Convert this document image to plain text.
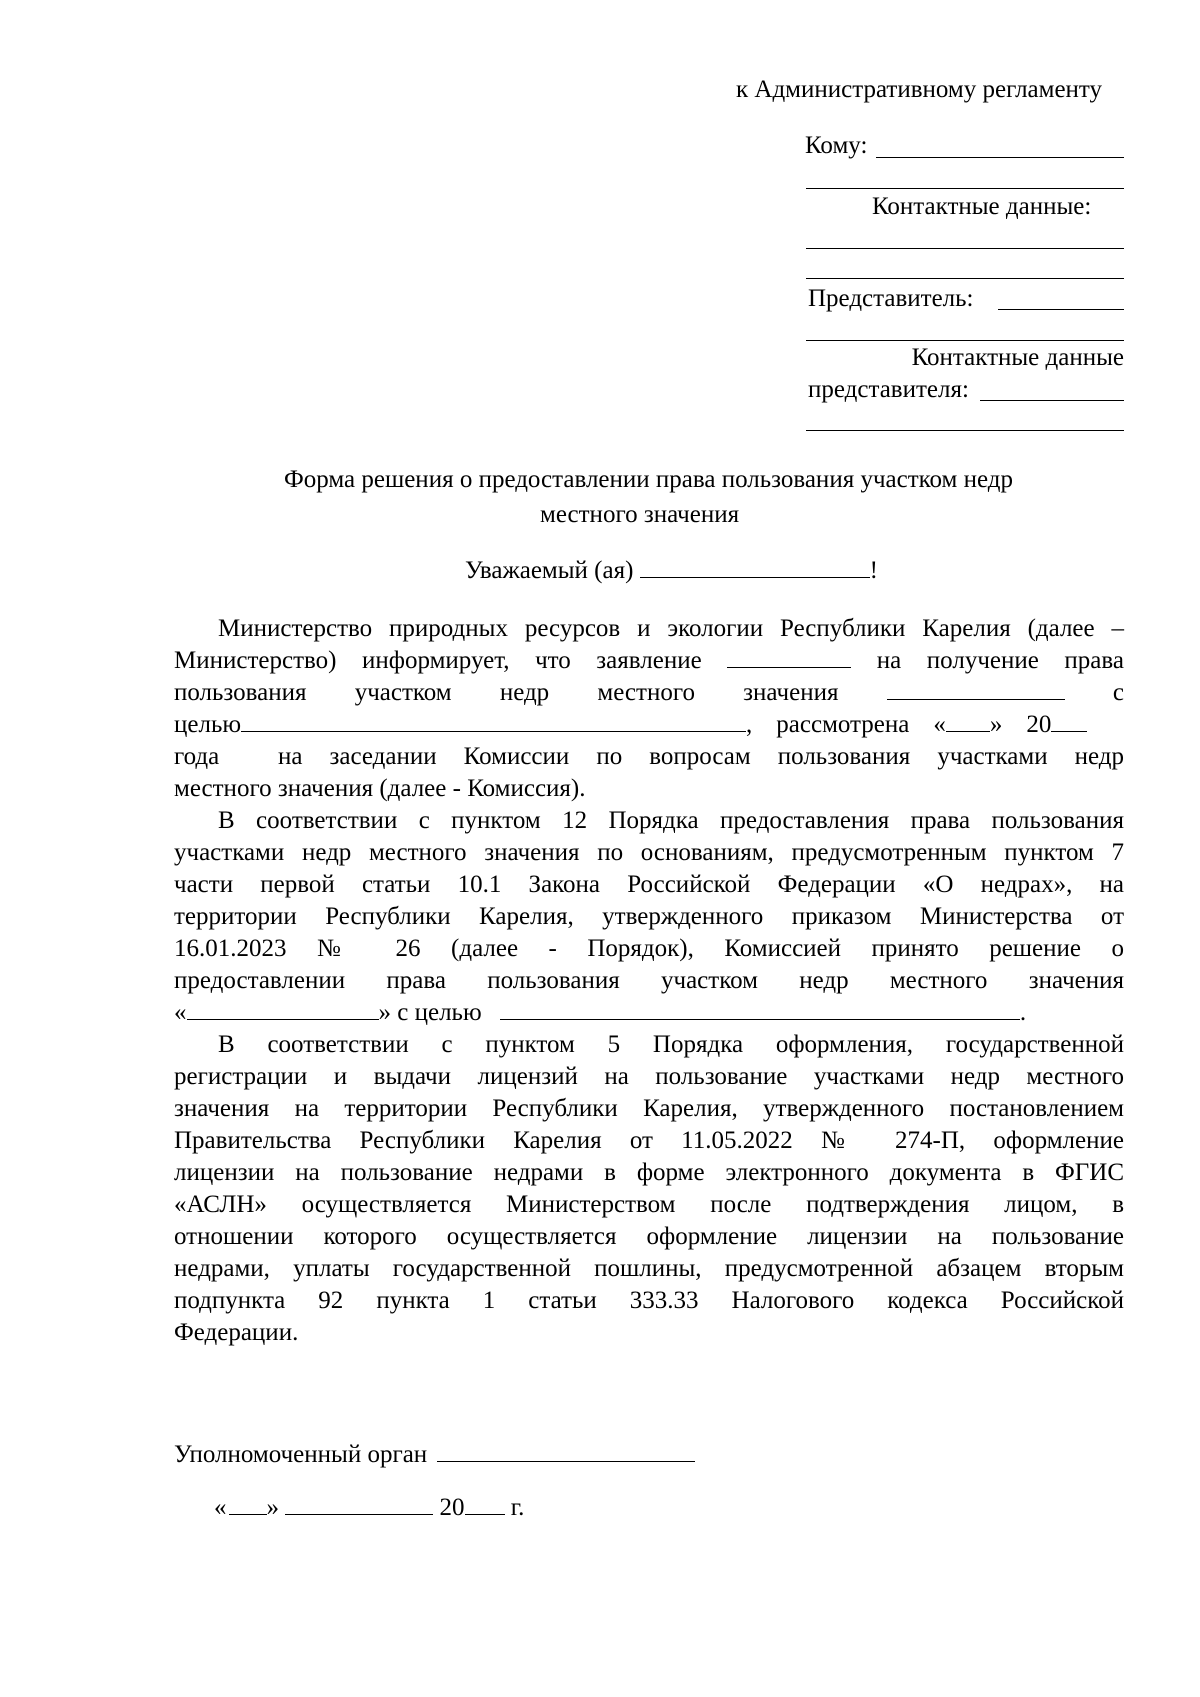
к Административному регламенту
Кому:
Контактные данные:
Представитель:
Контактные данные
представителя:
Форма решения о предоставлении права пользования участком недр
местного значения
Уважаемый (ая)	!
Министерство природных ресурсов и экологии Республики Карелия (далее –
Министерство) информирует, что заявление	на получение права
пользования участком недр местного значения	с
целью	, рассмотрена « » 20
года	на заседании Комиссии по вопросам пользования участками недр
местного значения (далее - Комиссия).
В соответствии с пунктом 12 Порядка предоставления права пользования
участками недр местного значения по основаниям, предусмотренным пунктом 7
части первой статьи 10.1 Закона Российской Федерации «О недрах», на
территории Республики Карелия, утвержденного приказом Министерства от
16.01.2023 № 26 (далее - Порядок), Комиссией принято решение о
предоставлении права пользования участком недр местного значения
«	» с целью	.
В соответствии с пунктом 5 Порядка оформления, государственной
регистрации и выдачи лицензий на пользование участками недр местного
значения на территории Республики Карелия, утвержденного постановлением
Правительства Республики Карелия от 11.05.2022 № 274-П, оформление
лицензии на пользование недрами в форме электронного документа в ФГИС
«АСЛН» осуществляется Министерством после подтверждения лицом, в
отношении которого осуществляется оформление лицензии на пользование
недрами, уплаты государственной пошлины, предусмотренной абзацем вторым
подпункта 92 пункта 1 статьи 333.33 Налогового кодекса Российской
Федерации.
Уполномоченный орган
« »	20 г.
